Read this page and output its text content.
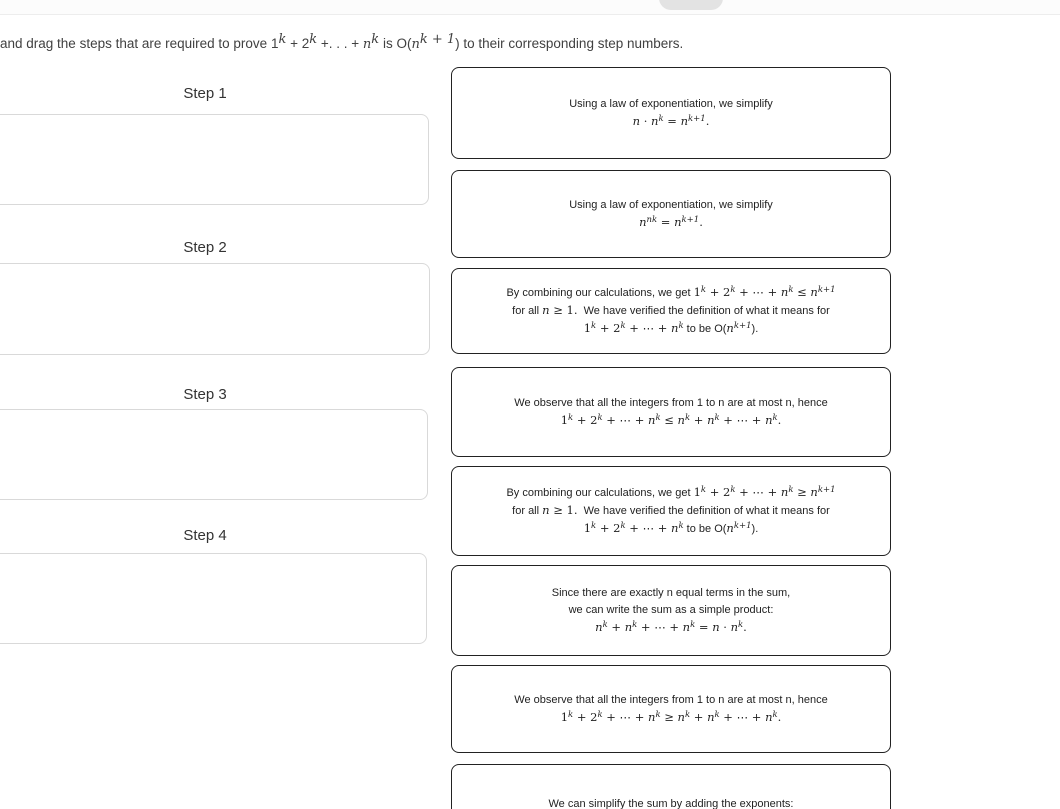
and drag the steps that are required to prove $1^k + 2^k$ +. . . + $n^k$ is $O(n^{k + 1})$ to their corresponding step numbers.
Step 1
Step 2
Step 3
Step 4
Using a law of exponentiation, we simplify
$n \cdot n^k = n^{k+1}$.
Using a law of exponentiation, we simplify
$n^{nk} = n^{k+1}$.
By combining our calculations, we get $1^k + 2^k$ + ⋯ + $n^k \le n^{k+1}$
for all n ≥ 1.  We have verified the definition of what it means for
$1^k + 2^k$ + ⋯ + $n^k$ to be $O(n^{k+1})$.
We observe that all the integers from 1 to n are at most n, hence
$1^k + 2^k$ + ⋯ + $n^k \le n^k + n^k$ + ⋯ + $n^k$.
By combining our calculations, we get $1^k + 2^k$ + ⋯ + $n^k \ge n^{k+1}$
for all n ≥ 1.  We have verified the definition of what it means for
$1^k + 2^k$ + ⋯ + $n^k$ to be $O(n^{k+1})$.
Since there are exactly n equal terms in the sum,
we can write the sum as a simple product:
$n^k + n^k$ + ⋯ + $n^k = n \cdot n^k$.
We observe that all the integers from 1 to n are at most n, hence
$1^k + 2^k$ + ⋯ + $n^k \ge n^k + n^k$ + ⋯ + $n^k$.
We can simplify the sum by adding the exponents:
